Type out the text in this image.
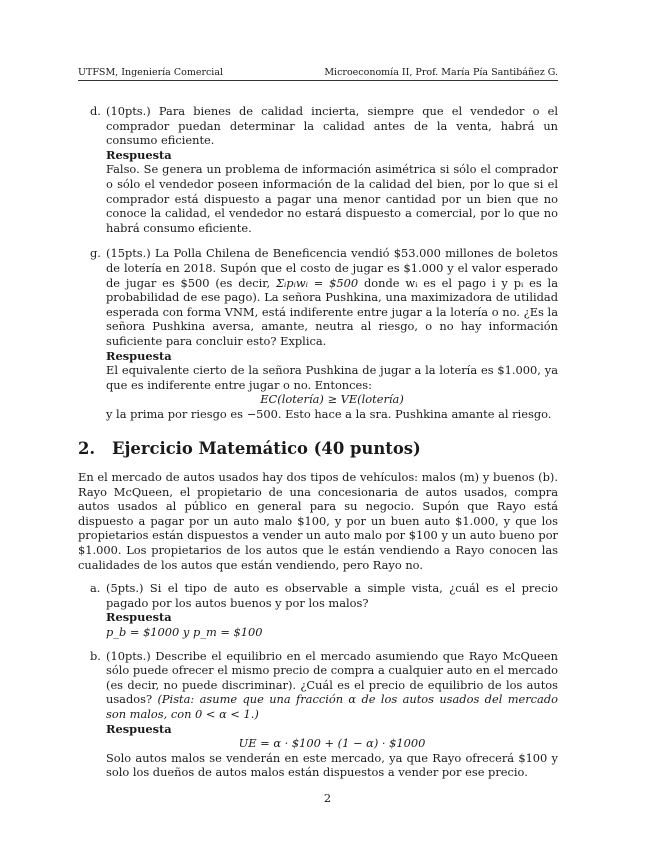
UTFSM, Ingeniería Comercial	Microeconomía II, Prof. María Pía Santibáñez G.
d. (10pts.) Para bienes de calidad incierta, siempre que el vendedor o el comprador puedan determinar la calidad antes de la venta, habrá un consumo eficiente.

Respuesta

Falso. Se genera un problema de información asimétrica si sólo el comprador o sólo el vendedor poseen información de la calidad del bien, por lo que si el comprador está dispuesto a pagar una menor cantidad por un bien que no conoce la calidad, el vendedor no estará dispuesto a comercial, por lo que no habrá consumo eficiente.

g. (15pts.) La Polla Chilena de Beneficencia vendió $53.000 millones de boletos de lotería en 2018. Supón que el costo de jugar es $1.000 y el valor esperado de jugar es $500 (es decir, Σᵢpᵢwᵢ = $500 donde wᵢ es el pago i y pᵢ es la probabilidad de ese pago). La señora Pushkina, una maximizadora de utilidad esperada con forma VNM, está indiferente entre jugar a la lotería o no. ¿Es la señora Pushkina aversa, amante, neutra al riesgo, o no hay información suficiente para concluir esto? Explica.

Respuesta

El equivalente cierto de la señora Pushkina de jugar a la lotería es $1.000, ya que es indiferente entre jugar o no. Entonces:

EC(lotería) ≥ VE(lotería)

y la prima por riesgo es −500. Esto hace a la sra. Pushkina amante al riesgo.

2. Ejercicio Matemático (40 puntos)

En el mercado de autos usados hay dos tipos de vehículos: malos (m) y buenos (b). Rayo McQueen, el propietario de una concesionaria de autos usados, compra autos usados al público en general para su negocio. Supón que Rayo está dispuesto a pagar por un auto malo $100, y por un buen auto $1.000, y que los propietarios están dispuestos a vender un auto malo por $100 y un auto bueno por $1.000. Los propietarios de los autos que le están vendiendo a Rayo conocen las cualidades de los autos que están vendiendo, pero Rayo no.

a. (5pts.) Si el tipo de auto es observable a simple vista, ¿cuál es el precio pagado por los autos buenos y por los malos?

Respuesta

p_b = $1000 y p_m = $100

b. (10pts.) Describe el equilibrio en el mercado asumiendo que Rayo McQueen sólo puede ofrecer el mismo precio de compra a cualquier auto en el mercado (es decir, no puede discriminar). ¿Cuál es el precio de equilibrio de los autos usados? (Pista: asume que una fracción α de los autos usados del mercado son malos, con 0 < α < 1.)

Respuesta

UE = α · $100 + (1 − α) · $1000

Solo autos malos se venderán en este mercado, ya que Rayo ofrecerá $100 y solo los dueños de autos malos están dispuestos a vender por ese precio.

2
